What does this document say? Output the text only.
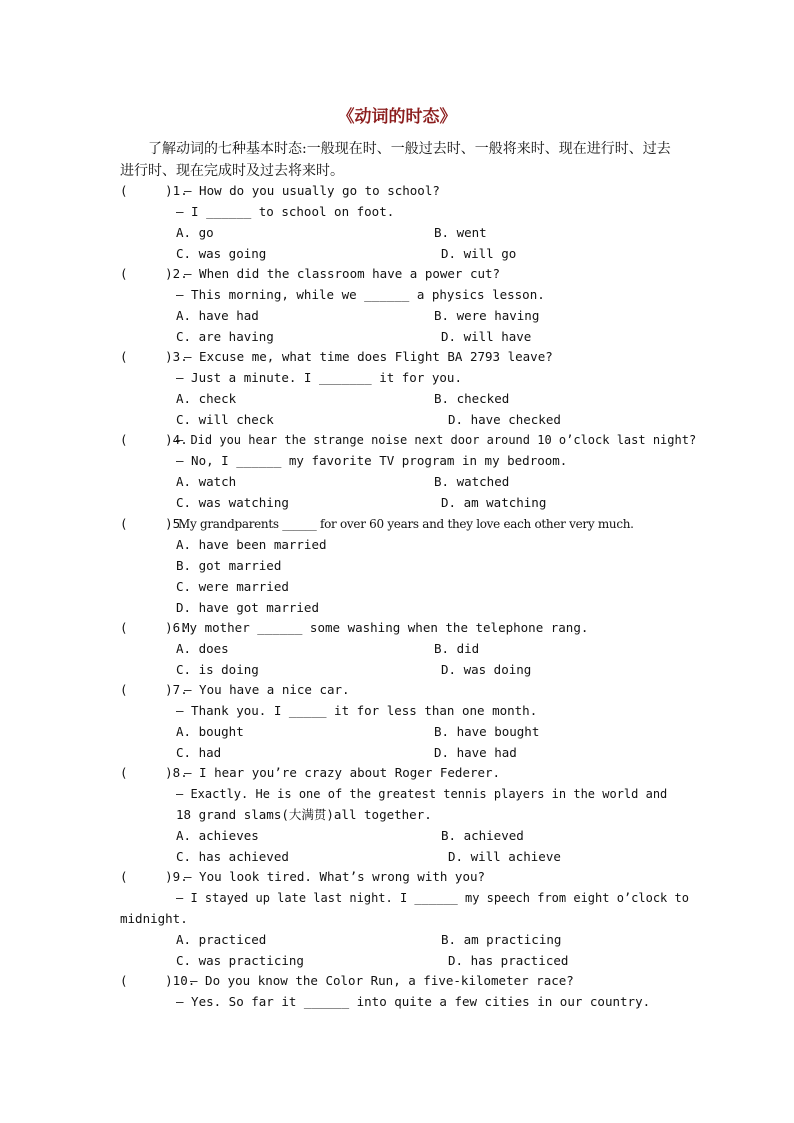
《动词的时态》
了解动词的七种基本时态:一般现在时、一般过去时、一般将来时、现在进行时、过去进行时、现在完成时及过去将来时。
(     )1.
— How do you usually go to school?
— I ______ to school on foot.
A. go	B. went
C. was going	D. will go
(     )2.
— When did the classroom have a power cut?
— This morning, while we ______ a physics lesson.
A. have had	B. were having
C. are having	D. will have
(     )3.
— Excuse me, what time does Flight BA 2793 leave?
— Just a minute. I _______ it for you.
A. check	B. checked
C. will check	D. have checked
(     )4.
— Did you hear the strange noise next door around 10 o’clock last night?
— No, I ______ my favorite TV program in my bedroom.
A. watch	B. watched
C. was watching	D. am watching
(     )5.
My grandparents ______ for over 60 years and they love each other very much.
A. have been married
B. got married
C. were married
D. have got married
(     )6.
My mother ______ some washing when the telephone rang.
A. does	B. did
C. is doing	D. was doing
(     )7.
— You have a nice car.
— Thank you. I _____ it for less than one month.
A. bought	B. have bought
C. had	D. have had
(     )8.
— I hear you’re crazy about Roger Federer.
— Exactly. He is one of the greatest tennis players in the world and
18 grand slams(大满贯)all together.
A. achieves	B. achieved
C. has achieved	D. will achieve
(     )9.
— You look tired. What’s wrong with you?
— I stayed up late last night. I ______ my speech from eight o’clock to
midnight.
A. practiced	B. am practicing
C. was practicing	D. has practiced
(     )10.
— Do you know the Color Run, a five-kilometer race?
— Yes. So far it ______ into quite a few cities in our country.
